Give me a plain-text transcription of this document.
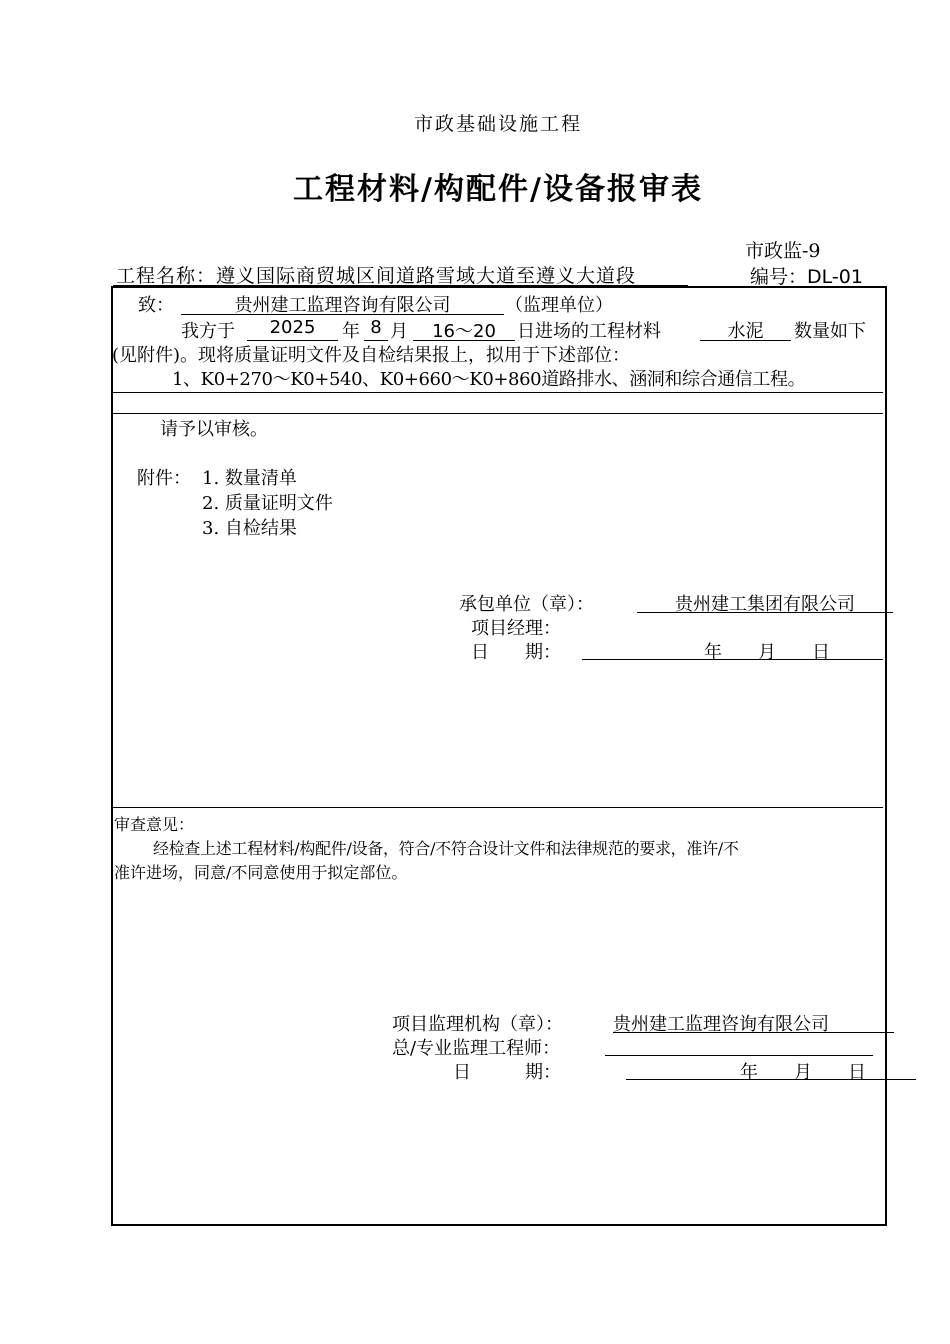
市政基础设施工程
工程材料/构配件/设备报审表
市政监-9
工程名称：遵义国际商贸城区间道路雪域大道至遵义大道段	编号：DL-01
致：	贵州建工监理咨询有限公司	（监理单位）
我方于	2025	年 8 月	16～20	日进场的工程材料	水泥	数量如下
(见附件)。现将质量证明文件及自检结果报上，拟用于下述部位：
1、K0+270～K0+540、K0+660～K0+860道路排水、涵洞和综合通信工程。
请予以审核。
附件： 1. 数量清单
2. 质量证明文件
3. 自检结果
承包单位（章）：	贵州建工集团有限公司
项目经理：
日　　期：	年　　月　　日
审查意见：
经检查上述工程材料/构配件/设备，符合/不符合设计文件和法律规范的要求，准许/不
准许进场，同意/不同意使用于拟定部位。
项目监理机构（章）：	贵州建工监理咨询有限公司
总/专业监理工程师：
日　　　期：	年　　月　　日
